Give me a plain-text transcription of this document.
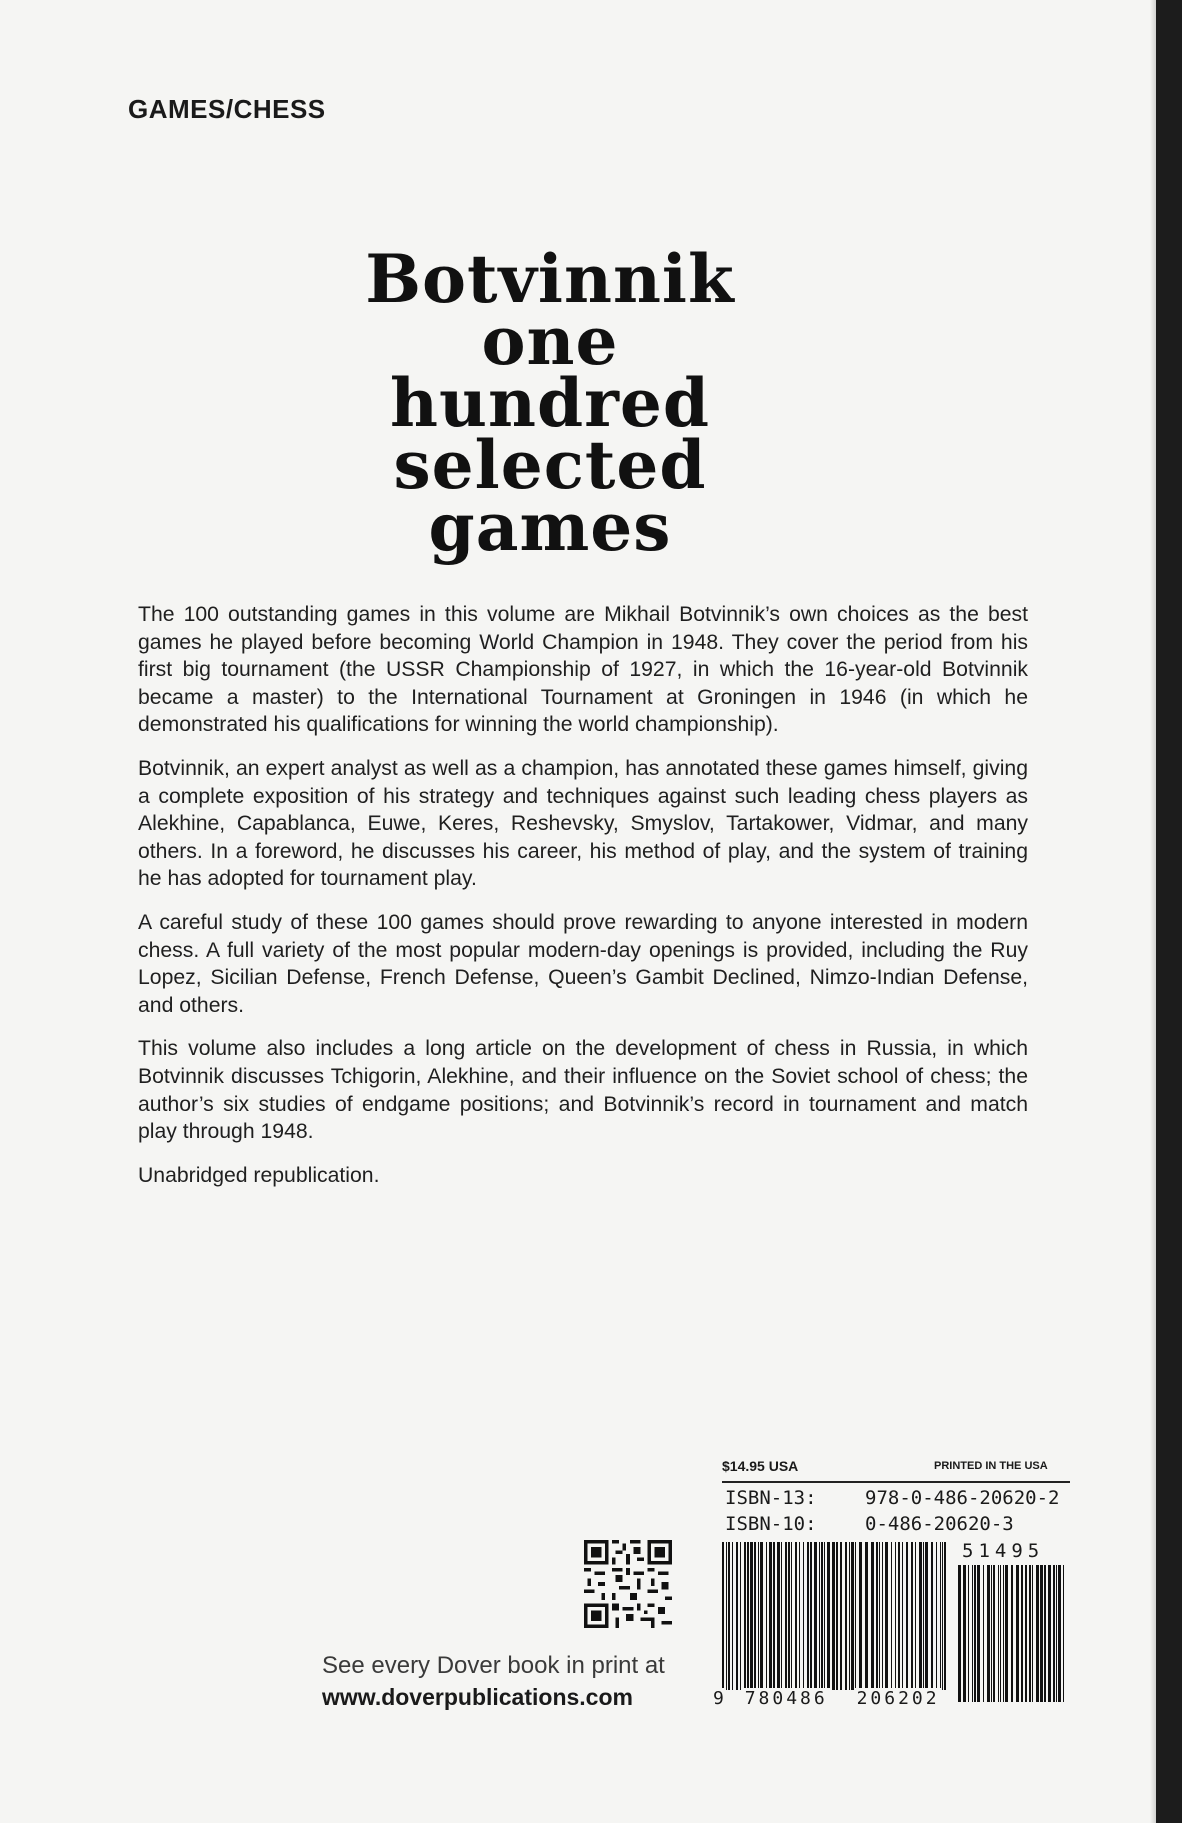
GAMES/CHESS
Botvinnik
one
hundred
selected
games

The 100 outstanding games in this volume are Mikhail Botvinnik’s own choices as the best games he played before becoming World Champion in 1948. They cover the period from his first big tournament (the USSR Championship of 1927, in which the 16-year-old Botvinnik became a master) to the International Tournament at Groningen in 1946 (in which he demonstrated his qualifications for winning the world championship).

Botvinnik, an expert analyst as well as a champion, has annotated these games himself, giving a complete exposition of his strategy and techniques against such leading chess players as Alekhine, Capablanca, Euwe, Keres, Reshevsky, Smyslov, Tartakower, Vidmar, and many others. In a foreword, he discusses his career, his method of play, and the system of training he has adopted for tournament play.

A careful study of these 100 games should prove rewarding to anyone interested in modern chess. A full variety of the most popular modern-day openings is provided, including the Ruy Lopez, Sicilian Defense, French Defense, Queen’s Gambit Declined, Nimzo-Indian Defense, and others.

This volume also includes a long article on the development of chess in Russia, in which Botvinnik discusses Tchigorin, Alekhine, and their influence on the Soviet school of chess; the author’s six studies of endgame positions; and Botvinnik’s record in tournament and match play through 1948.

Unabridged republication.

$14.95 USA	PRINTED IN THE USA
ISBN-13:	978-0-486-20620-2
ISBN-10:	0-486-20620-3
51495
9 780486 206202
See every Dover book in print at
www.doverpublications.com
